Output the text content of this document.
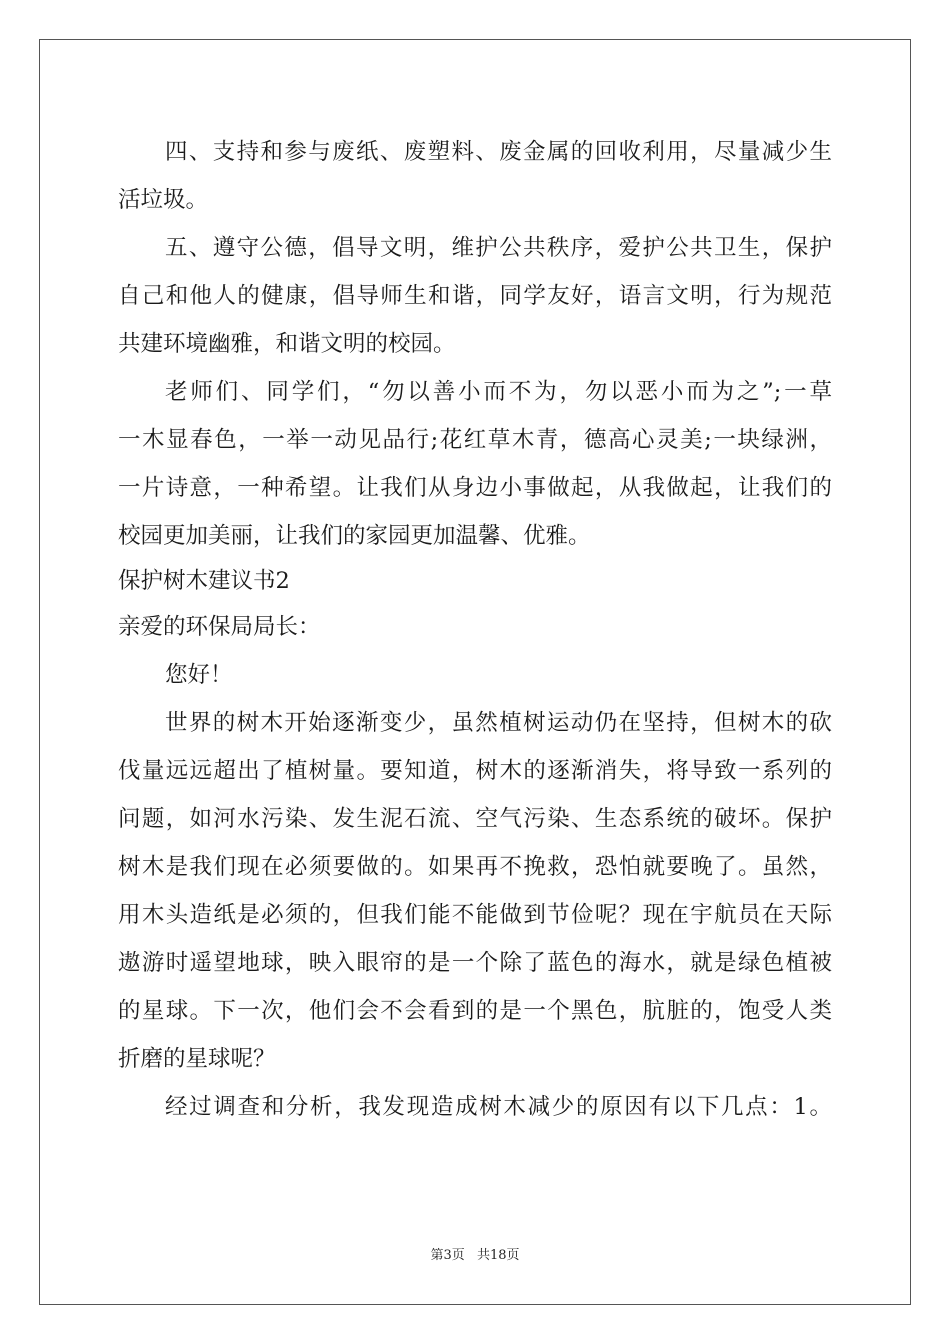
四、支持和参与废纸、废塑料、废金属的回收利用，尽量减少生
活垃圾。
五、遵守公德，倡导文明，维护公共秩序，爱护公共卫生，保护
自己和他人的健康，倡导师生和谐，同学友好，语言文明，行为规范
共建环境幽雅，和谐文明的校园。
老师们、同学们，“勿以善小而不为，勿以恶小而为之”;一草
一木显春色，一举一动见品行;花红草木青，德高心灵美;一块绿洲，
一片诗意，一种希望。让我们从身边小事做起，从我做起，让我们的
校园更加美丽，让我们的家园更加温馨、优雅。
保护树木建议书2
亲爱的环保局局长：
您好！
世界的树木开始逐渐变少，虽然植树运动仍在坚持，但树木的砍
伐量远远超出了植树量。要知道，树木的逐渐消失，将导致一系列的
问题，如河水污染、发生泥石流、空气污染、生态系统的破坏。保护
树木是我们现在必须要做的。如果再不挽救，恐怕就要晚了。虽然，
用木头造纸是必须的，但我们能不能做到节俭呢？现在宇航员在天际
遨游时遥望地球，映入眼帘的是一个除了蓝色的海水，就是绿色植被
的星球。下一次，他们会不会看到的是一个黑色，肮脏的，饱受人类
折磨的星球呢？
经过调查和分析，我发现造成树木减少的原因有以下几点：1。
第3页 共18页
